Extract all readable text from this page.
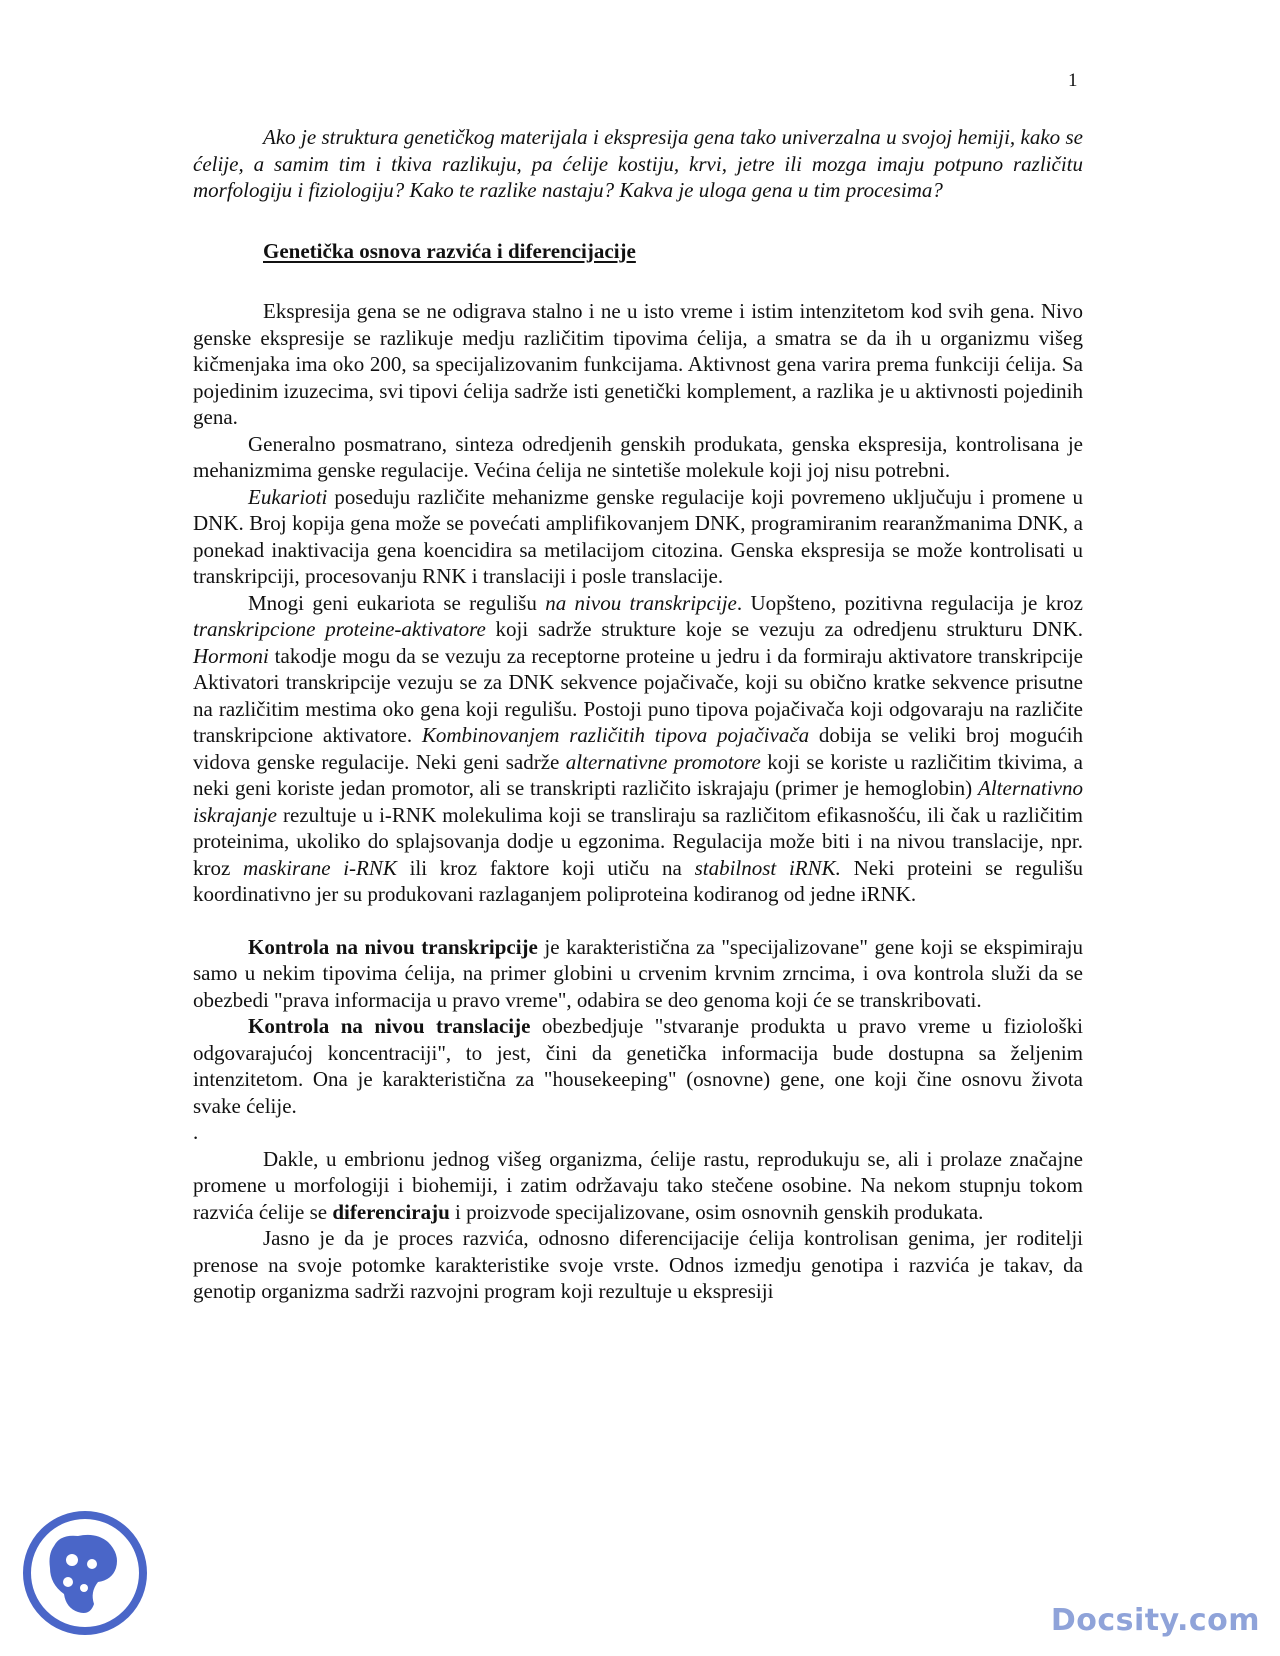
1

Ako je struktura genetičkog materijala i ekspresija gena tako univerzalna u svojoj hemiji, kako se ćelije, a samim tim i tkiva razlikuju, pa ćelije kostiju, krvi, jetre ili mozga imaju potpuno različitu morfologiju i fiziologiju? Kako te razlike nastaju? Kakva je uloga gena u tim procesima?

Genetička osnova razvića i diferencijacije

Ekspresija gena se ne odigrava stalno i ne u isto vreme i istim intenzitetom kod svih gena. Nivo genske ekspresije se razlikuje medju različitim tipovima ćelija, a smatra se da ih u organizmu višeg kičmenjaka ima oko 200, sa specijalizovanim funkcijama. Aktivnost gena varira prema funkciji ćelija. Sa pojedinim izuzecima, svi tipovi ćelija sadrže isti genetički komplement, a razlika je u aktivnosti pojedinih gena.

Generalno posmatrano, sinteza odredjenih genskih produkata, genska ekspresija, kontrolisana je mehanizmima genske regulacije. Većina ćelija ne sintetiše molekule koji joj nisu potrebni.

Eukarioti poseduju različite mehanizme genske regulacije koji povremeno uključuju i promene u DNK. Broj kopija gena može se povećati amplifikovanjem DNK, programiranim rearanžmanima DNK, a ponekad inaktivacija gena koencidira sa metilacijom citozina. Genska ekspresija se može kontrolisati u transkripciji, procesovanju RNK i translaciji i posle translacije.

Mnogi geni eukariota se regulišu na nivou transkripcije. Uopšteno, pozitivna regulacija je kroz transkripcione proteine-aktivatore koji sadrže strukture koje se vezuju za odredjenu strukturu DNK. Hormoni takodje mogu da se vezuju za receptorne proteine u jedru i da formiraju aktivatore transkripcije Aktivatori transkripcije vezuju se za DNK sekvence pojačivače, koji su obično kratke sekvence prisutne na različitim mestima oko gena koji regulišu. Postoji puno tipova pojačivača koji odgovaraju na različite transkripcione aktivatore. Kombinovanjem različitih tipova pojačivača dobija se veliki broj mogućih vidova genske regulacije. Neki geni sadrže alternativne promotore koji se koriste u različitim tkivima, a neki geni koriste jedan promotor, ali se transkripti različito iskrajaju (primer je hemoglobin) Alternativno iskrajanje rezultuje u i-RNK molekulima koji se transliraju sa različitom efikasnošću, ili čak u različitim proteinima, ukoliko do splajsovanja dodje u egzonima. Regulacija može biti i na nivou translacije, npr. kroz maskirane i-RNK ili kroz faktore koji utiču na stabilnost iRNK. Neki proteini se regulišu koordinativno jer su produkovani razlaganjem poliproteina kodiranog od jedne iRNK.

Kontrola na nivou transkripcije je karakteristična za "specijalizovane" gene koji se ekspimiraju samo u nekim tipovima ćelija, na primer globini u crvenim krvnim zrncima, i ova kontrola služi da se obezbedi "prava informacija u pravo vreme", odabira se deo genoma koji će se transkribovati.

Kontrola na nivou translacije obezbedjuje "stvaranje produkta u pravo vreme u fiziološki odgovarajućoj koncentraciji", to jest, čini da genetička informacija bude dostupna sa željenim intenzitetom. Ona je karakteristična za "housekeeping" (osnovne) gene, one koji čine osnovu života svake ćelije.

.

Dakle, u embrionu jednog višeg organizma, ćelije rastu, reprodukuju se, ali i prolaze značajne promene u morfologiji i biohemiji, i zatim održavaju tako stečene osobine. Na nekom stupnju tokom razvića ćelije se diferenciraju i proizvode specijalizovane, osim osnovnih genskih produkata.

Jasno je da je proces razvića, odnosno diferencijacije ćelija kontrolisan genima, jer roditelji prenose na svoje potomke karakteristike svoje vrste. Odnos izmedju genotipa i razvića je takav, da genotip organizma sadrži razvojni program koji rezultuje u ekspresiji

Docsity.com
